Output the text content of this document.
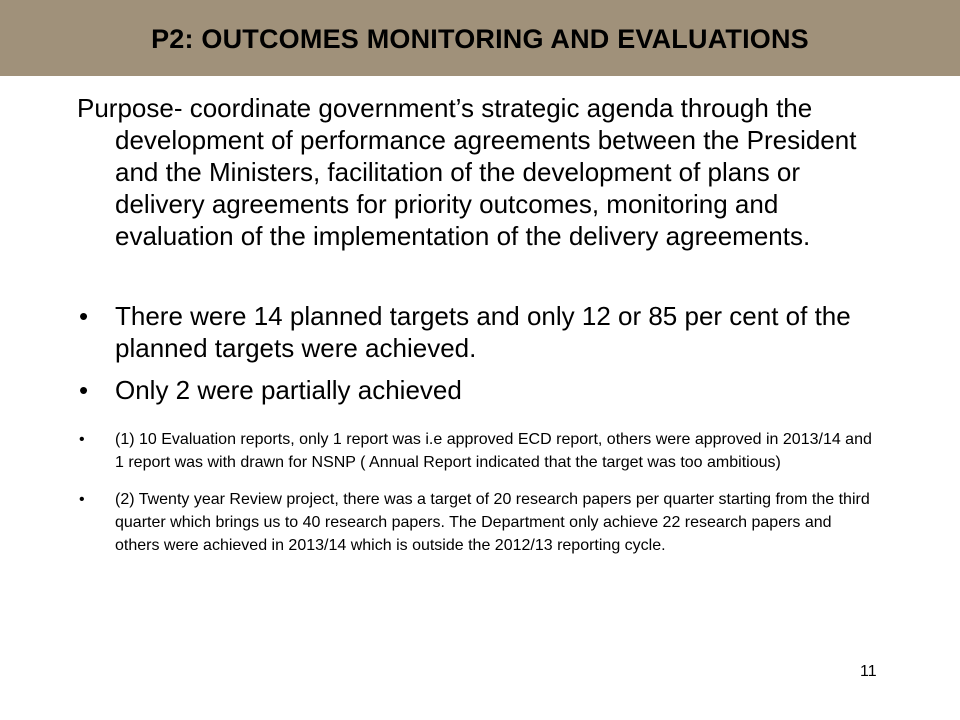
P2: OUTCOMES MONITORING AND EVALUATIONS

Purpose- coordinate government’s strategic agenda through the development of performance agreements between the President and the Ministers, facilitation of the development of plans or delivery agreements for priority outcomes, monitoring and evaluation of the implementation of the delivery agreements.

• There were 14 planned targets and only 12 or 85 per cent of the planned targets were achieved.
• Only 2 were partially achieved
• (1) 10 Evaluation reports, only 1 report was i.e approved ECD report, others were approved in 2013/14 and 1 report was with drawn for NSNP ( Annual Report indicated that the target was too ambitious)
• (2) Twenty year Review project, there was a target of 20 research papers per quarter starting from the third quarter which brings us to 40 research papers. The Department only achieve 22 research papers and others were achieved in 2013/14 which is outside the 2012/13 reporting cycle.
11
